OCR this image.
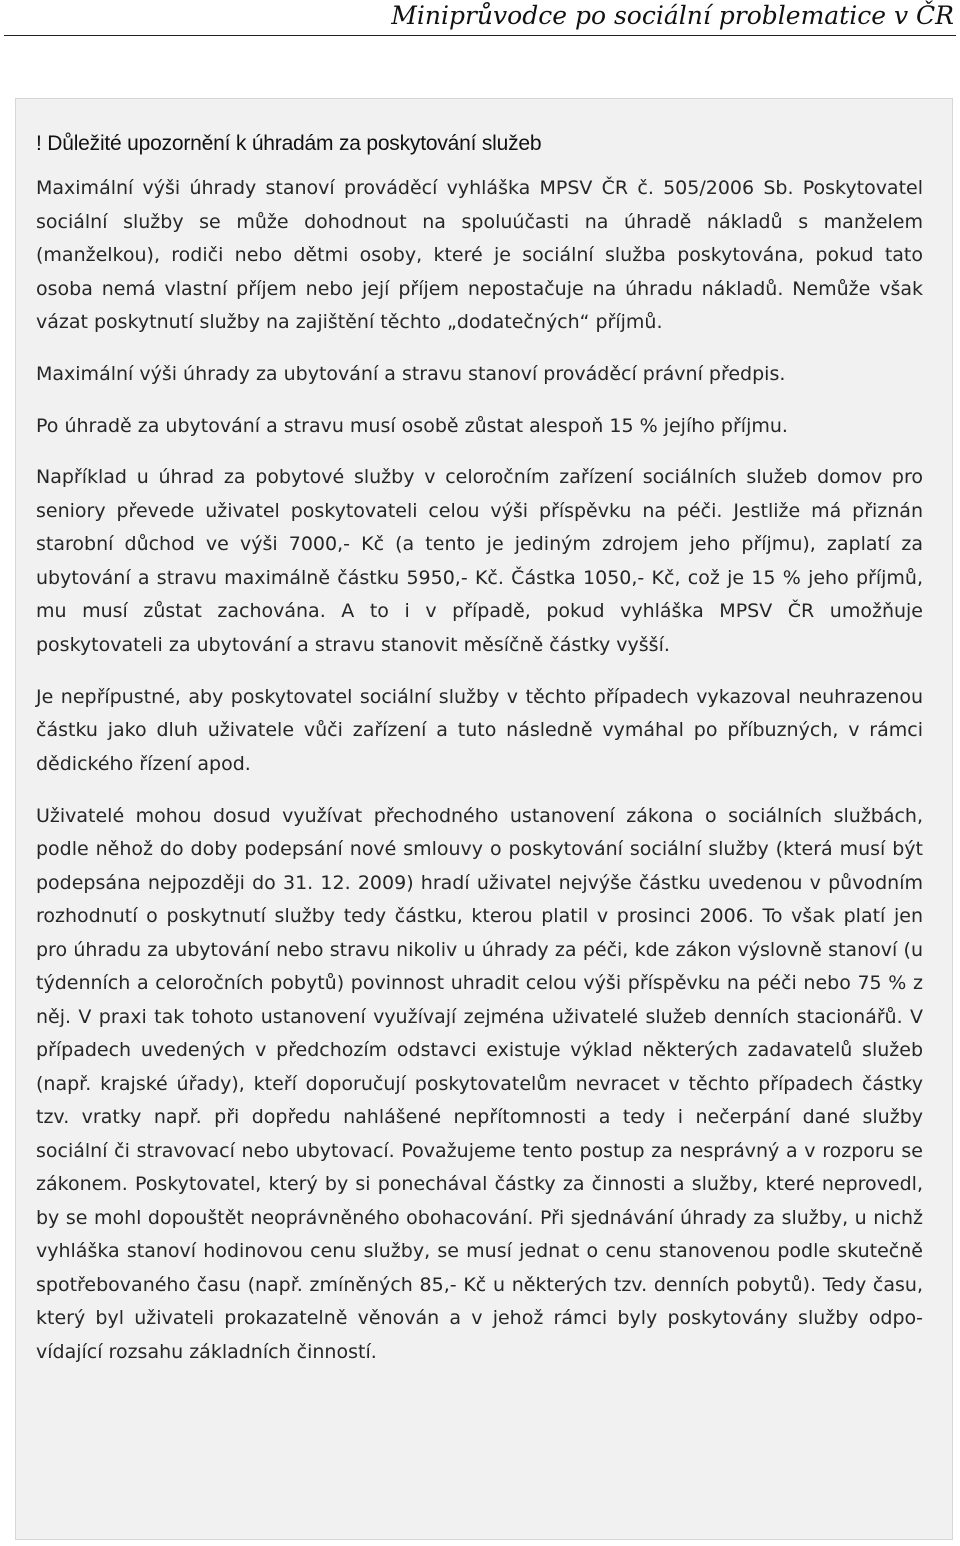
Miniprůvodce po sociální problematice v ČR
! Důležité upozornění k úhradám za poskytování služeb

Maximální výši úhrady stanoví prováděcí vyhláška MPSV ČR č. 505/2006 Sb. Poskytovatel sociální služby se může dohodnout na spoluúčasti na úhradě nákladů s manželem (manželkou), rodiči nebo dětmi osoby, které je sociální služba poskytována, pokud tato osoba nemá vlastní příjem nebo její příjem nepostačuje na úhradu nákladů. Nemůže však vázat poskytnutí služby na zajištění těchto „dodatečných“ příjmů.

Maximální výši úhrady za ubytování a stravu stanoví prováděcí právní předpis.

Po úhradě za ubytování a stravu musí osobě zůstat alespoň 15 % jejího příjmu.

Například u úhrad za pobytové služby v celoročním zařízení sociálních služeb domov pro seniory převede uživatel poskytovateli celou výši příspěvku na péči. Jestliže má přiznán starobní důchod ve výši 7000,- Kč (a tento je jediným zdrojem jeho příjmu), zaplatí za ubytování a stravu maximálně částku 5950,- Kč. Částka 1050,- Kč, což je 15 % jeho příjmů, mu musí zůstat zachována. A to i v případě, pokud vyhláška MPSV ČR umožňuje poskytovateli za ubytování a stravu stanovit měsíčně částky vyšší.

Je nepřípustné, aby poskytovatel sociální služby v těchto případech vykazoval neuhrazenou částku jako dluh uživatele vůči zařízení a tuto následně vymáhal po příbuzných, v rámci dědického řízení apod.

Uživatelé mohou dosud využívat přechodného ustanovení zákona o sociálních službách, podle něhož do doby podepsání nové smlouvy o poskytování sociální služby (která musí být podepsána nejpozději do 31. 12. 2009) hradí uživatel nejvýše částku uvedenou v původním rozhodnutí o poskytnutí služby tedy částku, kterou platil v prosinci 2006. To však platí jen pro úhradu za ubytování nebo stravu nikoliv u úhrady za péči, kde zákon výslovně stanoví (u týdenních a celoročních pobytů) povinnost uhradit celou výši příspěvku na péči nebo 75 % z něj. V praxi tak tohoto ustanovení využívají zejména uživatelé služeb denních stacionářů. V případech uvedených v předchozím odstavci existuje výklad některých zadavatelů služeb (např. krajské úřady), kteří doporučují poskytovatelům nevracet v těchto případech částky tzv. vratky např. při dopředu nahlášené nepřítomnosti a tedy i nečerpání dané služby sociální či stravovací nebo ubytovací. Považujeme tento postup za nesprávný a v rozporu se zákonem. Poskytovatel, který by si ponechával částky za činnosti a služby, které neprovedl, by se mohl dopouštět neoprávněného obohacování. Při sjednávání úhrady za služby, u nichž vyhláška stanoví hodinovou cenu služby, se musí jednat o cenu stanovenou podle skutečně spotřebovaného času (např. zmíněných 85,- Kč u některých tzv. denních pobytů). Tedy času, který byl uživateli prokazatelně věnován a v jehož rámci byly poskytovány služby odpovídající rozsahu základních činností.
